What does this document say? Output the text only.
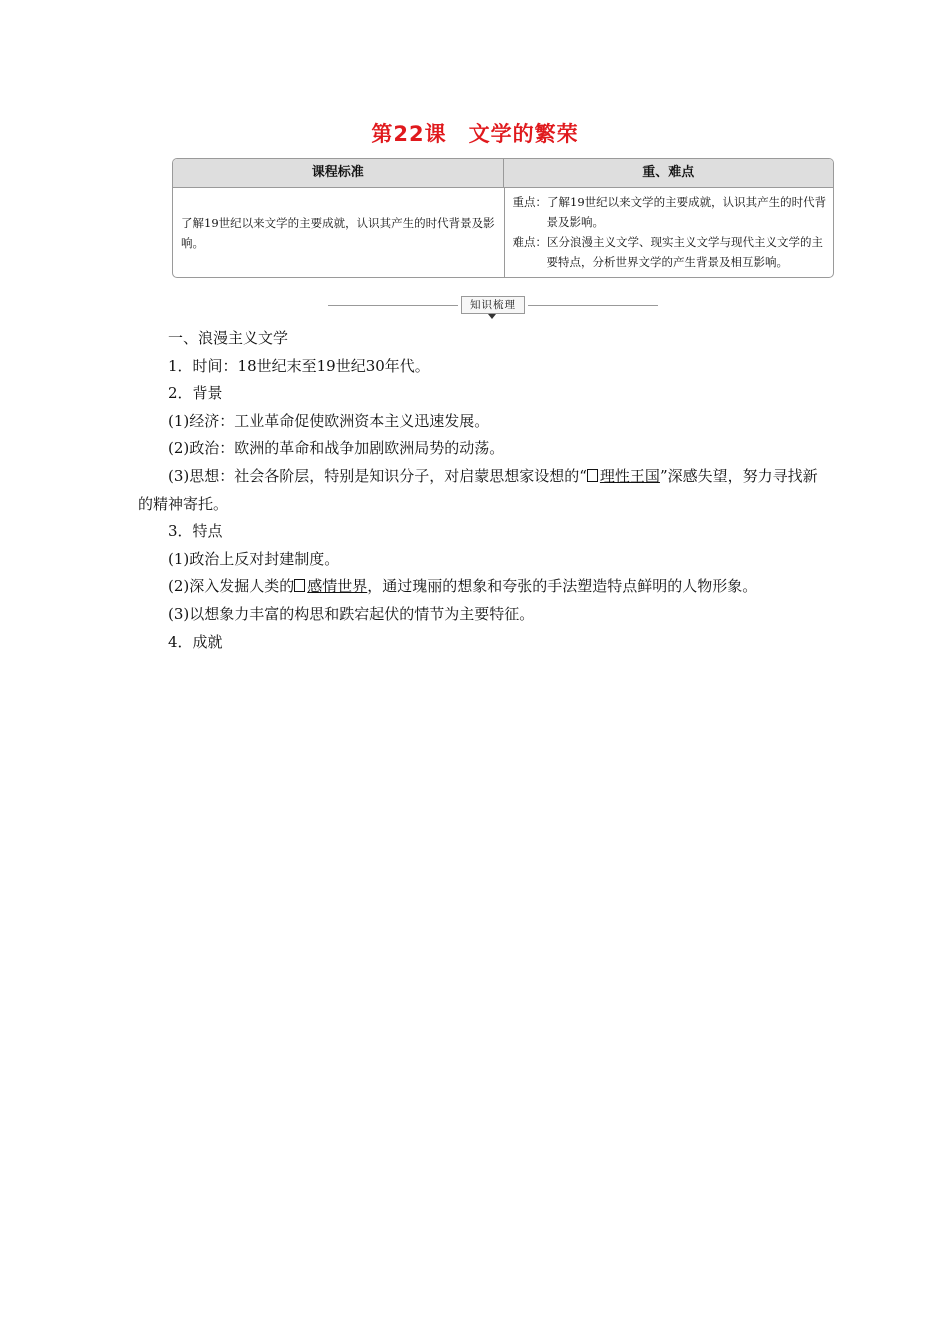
第22课 文学的繁荣
课程标准	重、难点
了解19世纪以来文学的主要成就，认识其产生的时代背景及影响。
重点：了解19世纪以来文学的主要成就，认识其产生的时代背景及影响。
难点：区分浪漫主义文学、现实主义文学与现代主义文学的主要特点，分析世界文学的产生背景及相互影响。
知识梳理

一、浪漫主义文学

1．时间：18世纪末至19世纪30年代。

2．背景

(1)经济：工业革命促使欧洲资本主义迅速发展。

(2)政治：欧洲的革命和战争加剧欧洲局势的动荡。

(3)思想：社会各阶层，特别是知识分子，对启蒙思想家设想的“ 理性王国”深感失望，努力寻找新的精神寄托。

3．特点

(1)政治上反对封建制度。

(2)深入发掘人类的 感情世界，通过瑰丽的想象和夸张的手法塑造特点鲜明的人物形象。

(3)以想象力丰富的构思和跌宕起伏的情节为主要特征。

4．成就
